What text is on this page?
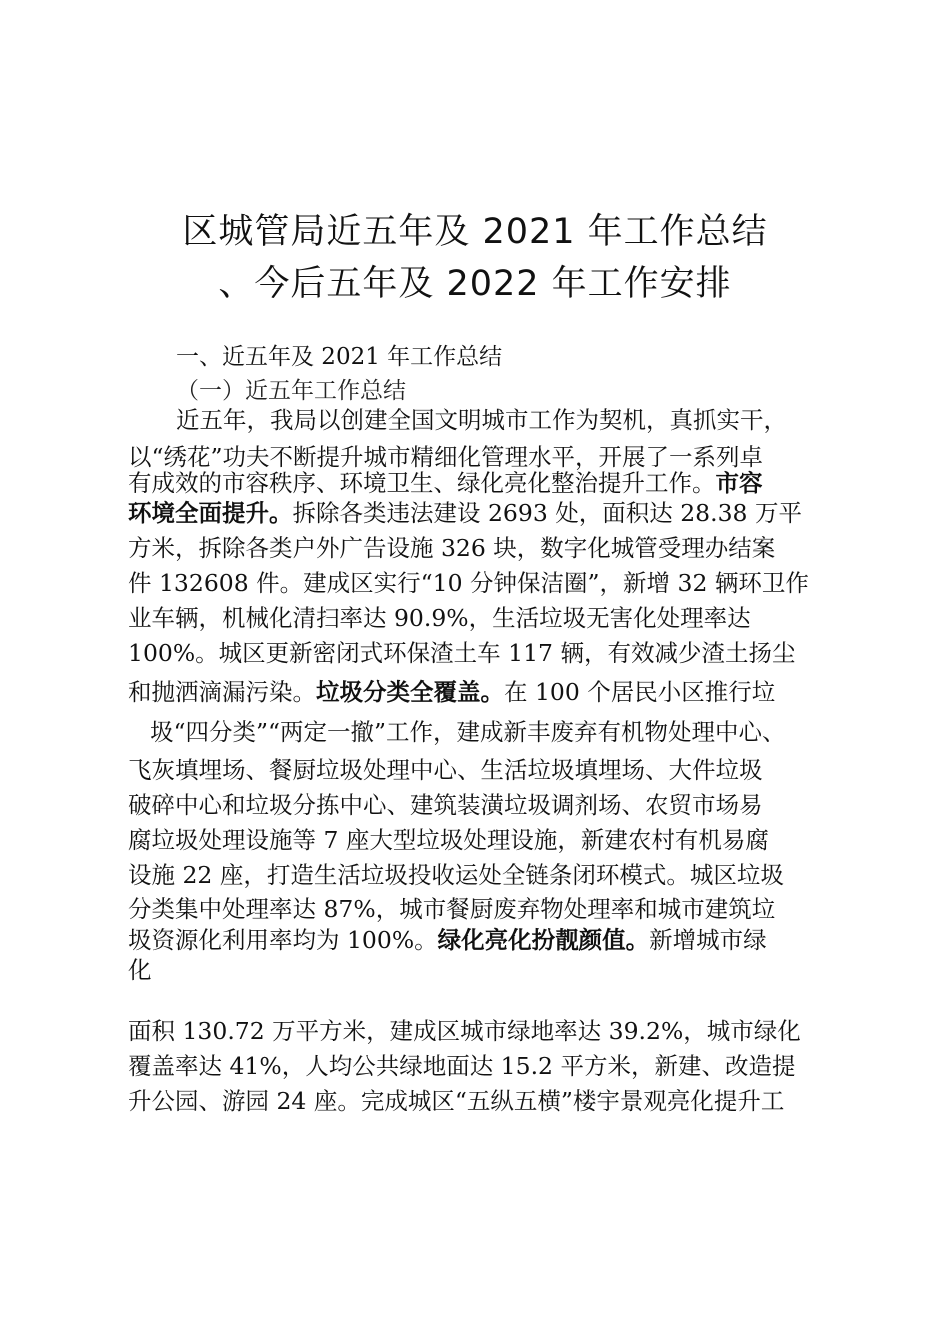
区城管局近五年及 2021 年工作总结
、今后五年及 2022 年工作安排
一、近五年及 2021 年工作总结
（一）近五年工作总结
近五年，我局以创建全国文明城市工作为契机，真抓实干，
以“绣花”功夫不断提升城市精细化管理水平，开展了一系列卓
有成效的市容秩序、环境卫生、绿化亮化整治提升工作。市容
环境全面提升。拆除各类违法建设 2693 处，面积达 28.38 万平
方米，拆除各类户外广告设施 326 块，数字化城管受理办结案
件 132608 件。建成区实行“10 分钟保洁圈”，新增 32 辆环卫作
业车辆，机械化清扫率达 90.9%，生活垃圾无害化处理率达
100%。城区更新密闭式环保渣土车 117 辆，有效减少渣土扬尘
和抛洒滴漏污染。垃圾分类全覆盖。在 100 个居民小区推行垃
圾“四分类”“两定一撤”工作，建成新丰废弃有机物处理中心、
飞灰填埋场、餐厨垃圾处理中心、生活垃圾填埋场、大件垃圾
破碎中心和垃圾分拣中心、建筑装潢垃圾调剂场、农贸市场易
腐垃圾处理设施等 7 座大型垃圾处理设施，新建农村有机易腐
设施 22 座，打造生活垃圾投收运处全链条闭环模式。城区垃圾
分类集中处理率达 87%，城市餐厨废弃物处理率和城市建筑垃
圾资源化利用率均为 100%。绿化亮化扮靓颜值。新增城市绿
化
面积 130.72 万平方米，建成区城市绿地率达 39.2%，城市绿化
覆盖率达 41%，人均公共绿地面达 15.2 平方米，新建、改造提
升公园、游园 24 座。完成城区“五纵五横”楼宇景观亮化提升工
